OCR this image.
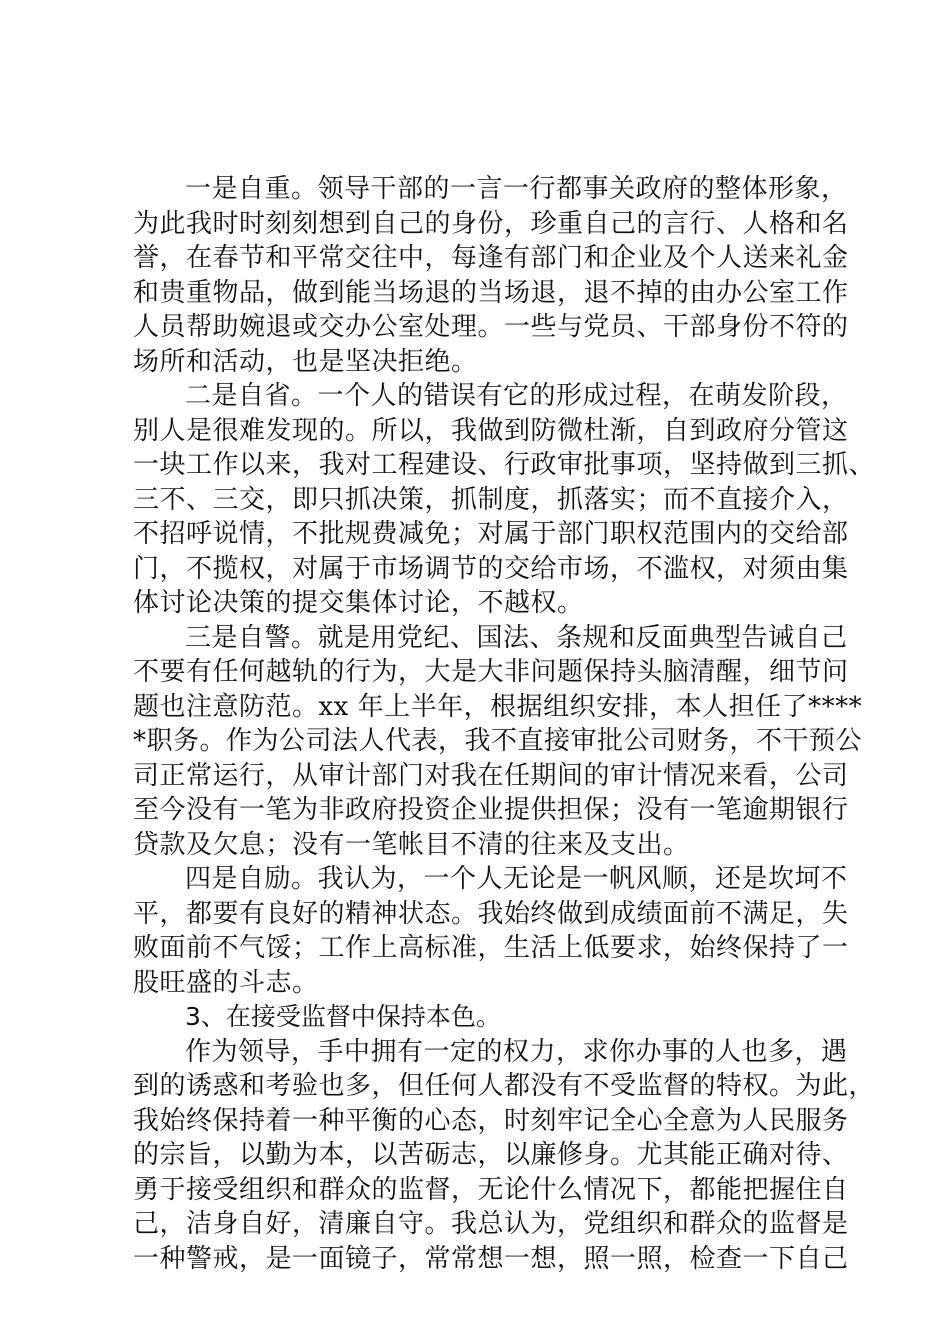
一是自重。领导干部的一言一行都事关政府的整体形象，
为此我时时刻刻想到自己的身份，珍重自己的言行、人格和名
誉，在春节和平常交往中，每逢有部门和企业及个人送来礼金
和贵重物品，做到能当场退的当场退，退不掉的由办公室工作
人员帮助婉退或交办公室处理。一些与党员、干部身份不符的
场所和活动，也是坚决拒绝。
二是自省。一个人的错误有它的形成过程，在萌发阶段，
别人是很难发现的。所以，我做到防微杜渐，自到政府分管这
一块工作以来，我对工程建设、行政审批事项，坚持做到三抓、
三不、三交，即只抓决策，抓制度，抓落实；而不直接介入，
不招呼说情，不批规费减免；对属于部门职权范围内的交给部
门，不揽权，对属于市场调节的交给市场，不滥权，对须由集
体讨论决策的提交集体讨论，不越权。
三是自警。就是用党纪、国法、条规和反面典型告诫自己
不要有任何越轨的行为，大是大非问题保持头脑清醒，细节问
题也注意防范。xx 年上半年，根据组织安排，本人担任了****
*职务。作为公司法人代表，我不直接审批公司财务，不干预公
司正常运行，从审计部门对我在任期间的审计情况来看，公司
至今没有一笔为非政府投资企业提供担保；没有一笔逾期银行
贷款及欠息；没有一笔帐目不清的往来及支出。
四是自励。我认为，一个人无论是一帆风顺，还是坎坷不
平，都要有良好的精神状态。我始终做到成绩面前不满足，失
败面前不气馁；工作上高标准，生活上低要求，始终保持了一
股旺盛的斗志。
3、在接受监督中保持本色。
作为领导，手中拥有一定的权力，求你办事的人也多，遇
到的诱惑和考验也多，但任何人都没有不受监督的特权。为此，
我始终保持着一种平衡的心态，时刻牢记全心全意为人民服务
的宗旨，以勤为本，以苦砺志，以廉修身。尤其能正确对待、
勇于接受组织和群众的监督，无论什么情况下，都能把握住自
己，洁身自好，清廉自守。我总认为，党组织和群众的监督是
一种警戒，是一面镜子，常常想一想，照一照，检查一下自己
